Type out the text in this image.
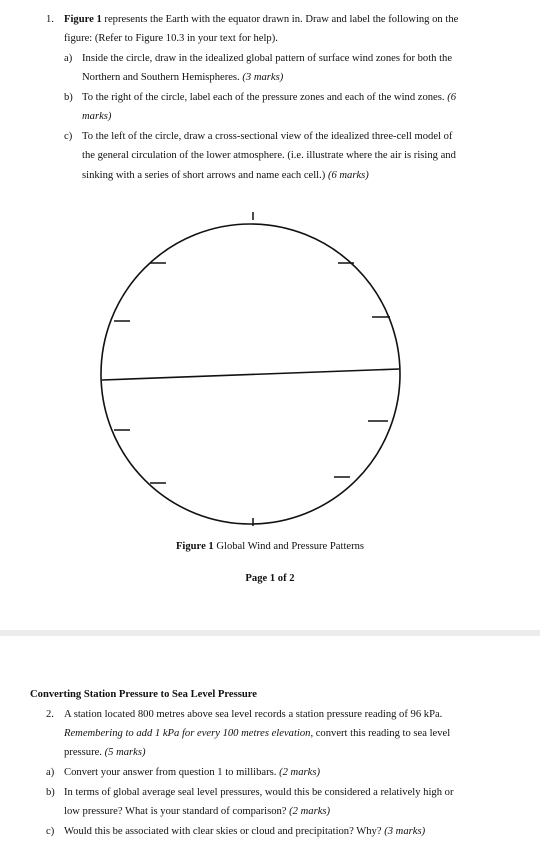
1. Figure 1 represents the Earth with the equator drawn in. Draw and label the following on the
figure: (Refer to Figure 10.3 in your text for help).
a) Inside the circle, draw in the idealized global pattern of surface wind zones for both the
Northern and Southern Hemispheres. (3 marks)
b) To the right of the circle, label each of the pressure zones and each of the wind zones. (6
marks)
c) To the left of the circle, draw a cross-sectional view of the idealized three-cell model of
the general circulation of the lower atmosphere. (i.e. illustrate where the air is rising and
sinking with a series of short arrows and name each cell.) (6 marks)
Figure 1 Global Wind and Pressure Patterns
Page 1 of 2
Converting Station Pressure to Sea Level Pressure
2. A station located 800 metres above sea level records a station pressure reading of 96 kPa.
Remembering to add 1 kPa for every 100 metres elevation, convert this reading to sea level
pressure. (5 marks)
a) Convert your answer from question 1 to millibars. (2 marks)
b) In terms of global average seal level pressures, would this be considered a relatively high or
low pressure? What is your standard of comparison? (2 marks)
c) Would this be associated with clear skies or cloud and precipitation? Why? (3 marks)
